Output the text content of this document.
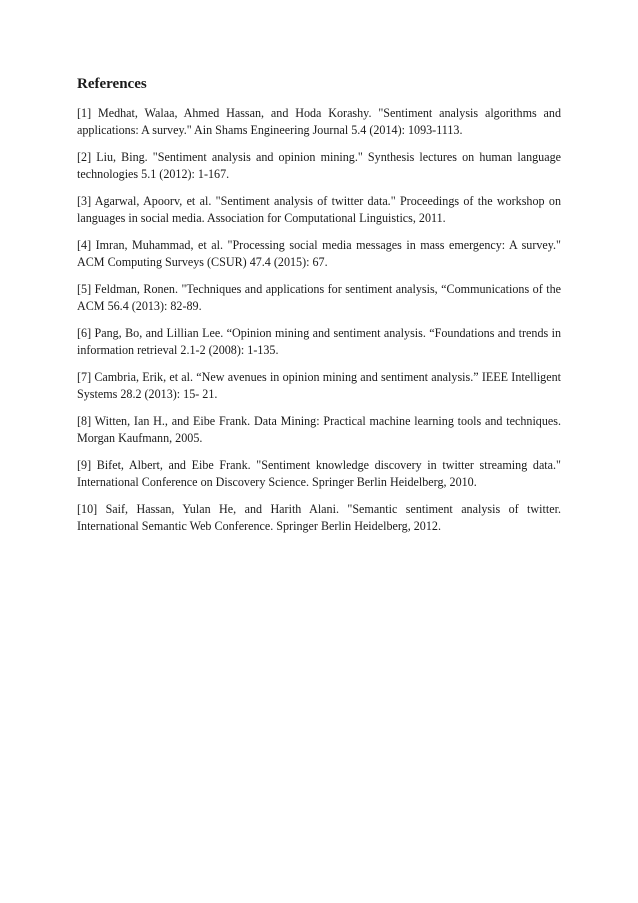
References
[1] Medhat, Walaa, Ahmed Hassan, and Hoda Korashy. "Sentiment analysis algorithms and applications: A survey." Ain Shams Engineering Journal 5.4 (2014): 1093-1113.
[2] Liu, Bing. "Sentiment analysis and opinion mining." Synthesis lectures on human language technologies 5.1 (2012): 1-167.
[3] Agarwal, Apoorv, et al. "Sentiment analysis of twitter data." Proceedings of the workshop on languages in social media. Association for Computational Linguistics, 2011.
[4] Imran, Muhammad, et al. "Processing social media messages in mass emergency: A survey." ACM Computing Surveys (CSUR) 47.4 (2015): 67.
[5] Feldman, Ronen. "Techniques and applications for sentiment analysis, “Communications of the ACM 56.4 (2013): 82-89.
[6] Pang, Bo, and Lillian Lee. “Opinion mining and sentiment analysis. “Foundations and trends in information retrieval 2.1-2 (2008): 1-135.
[7] Cambria, Erik, et al. “New avenues in opinion mining and sentiment analysis.” IEEE Intelligent Systems 28.2 (2013): 15- 21.
[8] Witten, Ian H., and Eibe Frank. Data Mining: Practical machine learning tools and techniques. Morgan Kaufmann, 2005.
[9] Bifet, Albert, and Eibe Frank. "Sentiment knowledge discovery in twitter streaming data." International Conference on Discovery Science. Springer Berlin Heidelberg, 2010.
[10] Saif, Hassan, Yulan He, and Harith Alani. "Semantic sentiment analysis of twitter. International Semantic Web Conference. Springer Berlin Heidelberg, 2012.
